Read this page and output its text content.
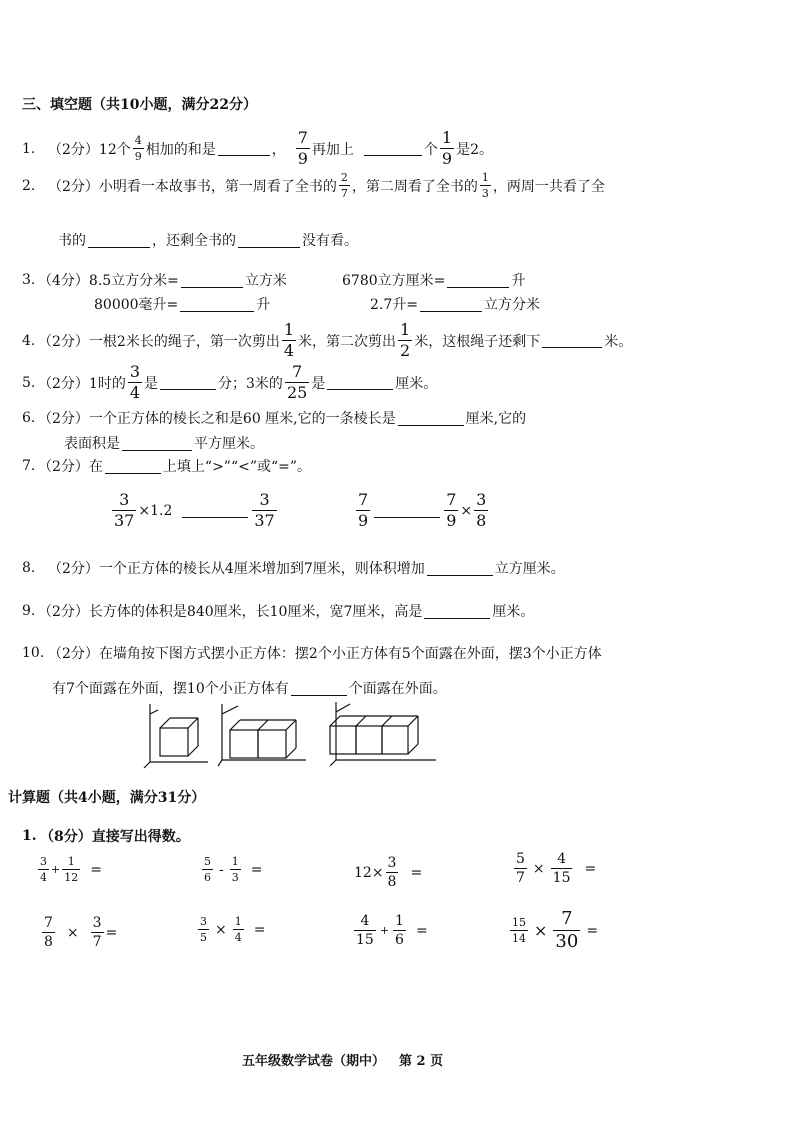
三、填空题（共10小题，满分22分）
1. （2分）12个 $\frac{4}{9}$ 相加的和是	， $\frac{7}{9}$ 再加上	个 $\frac{1}{9}$ 是2。
2. （2分）小明看一本故事书，第一周看了全书的 $\frac{2}{7}$ ，第二周看了全书的 $\frac{1}{3}$ ，两周一共看了全
书的	，还剩全书的	没有看。
3. （4分）8.5立方分米=	立方米	6780立方厘米=	升
80000毫升=	升	2.7升=	立方分米
4. （2分）一根2米长的绳子，第一次剪出 $\frac{1}{4}$ 米，第二次剪出 $\frac{1}{2}$ 米，这根绳子还剩下	米。
5. （2分）1时的 $\frac{3}{4}$ 是	分；3米的 $\frac{7}{25}$ 是	厘米。
6. （2分）一个正方体的棱长之和是60 厘米,它的一条棱长是	厘米,它的
表面积是	平方厘米。
7. （2分）在	上填上“>”“<”或“=”。
$\frac{3}{37} \times 1.2$	$\frac{3}{37}$	$\frac{7}{9}$	$\frac{7}{9} \times \frac{3}{8}$
8. （2分）一个正方体的棱长从4厘米增加到7厘米，则体积增加	立方厘米。
9. （2分）长方体的体积是840厘米，长10厘米，宽7厘米，高是	厘米。
10. （2分）在墙角按下图方式摆小正方体：摆2个小正方体有5个面露在外面，摆3个小正方体
有7个面露在外面，摆10个小正方体有	个面露在外面。
计算题（共4小题，满分31分）
1. （8分）直接写出得数。
$\frac{3}{4} + \frac{1}{12}$ =	$\frac{5}{6} - \frac{1}{3}$ =	$12\times \frac{3}{8}$ =	$\frac{5}{7} \times \frac{4}{15}$ =
$\frac{7}{8} \times \frac{3}{7}$ =	$\frac{3}{5} \times \frac{1}{4}$ =	$\frac{4}{15} + \frac{1}{6}$ =	$\frac{15}{14} \times \frac{7}{30}$ =
五年级数学试卷（期中） 第 2 页
